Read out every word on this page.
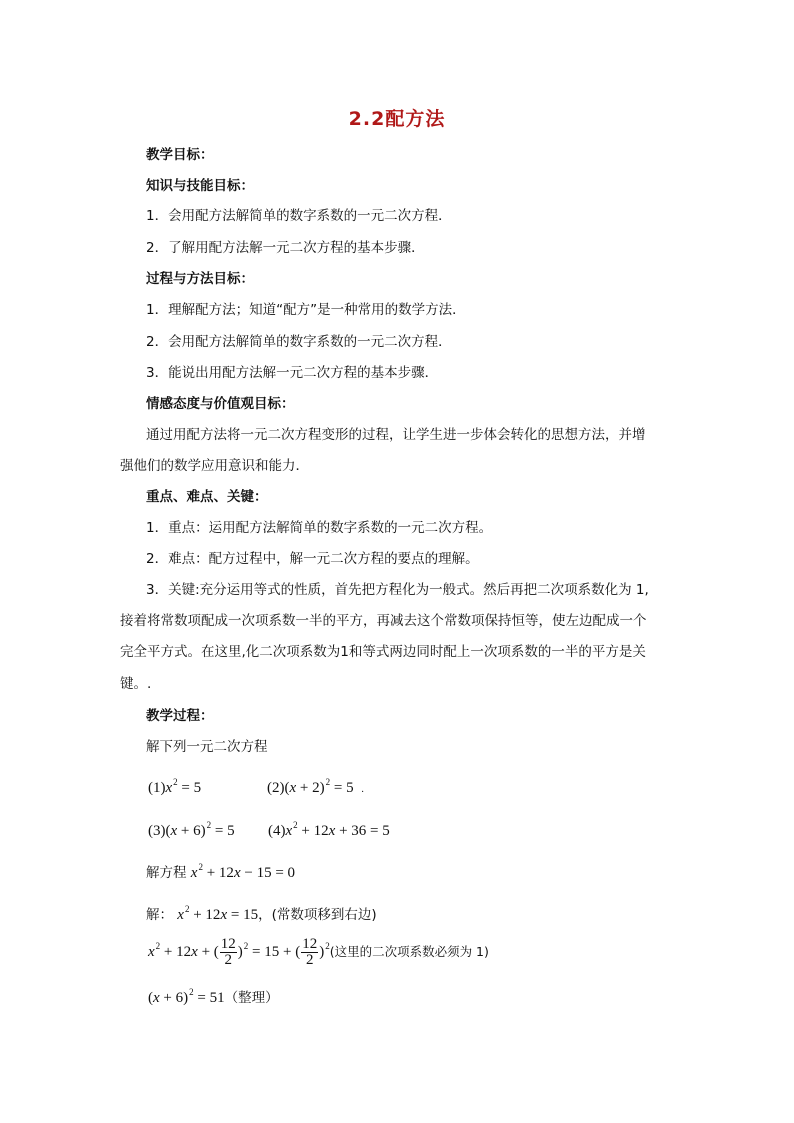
2.2配方法
教学目标：
知识与技能目标：
1．会用配方法解简单的数字系数的一元二次方程．
2．了解用配方法解一元二次方程的基本步骤．
过程与方法目标：
1．理解配方法；知道“配方”是一种常用的数学方法．
2．会用配方法解简单的数字系数的一元二次方程．
3．能说出用配方法解一元二次方程的基本步骤．
情感态度与价值观目标：
通过用配方法将一元二次方程变形的过程，让学生进一步体会转化的思想方法，并增
强他们的数学应用意识和能力．
重点、难点、关键：
1．重点：运用配方法解简单的数字系数的一元二次方程。
2．难点：配方过程中，解一元二次方程的要点的理解。
3．关键:充分运用等式的性质，首先把方程化为一般式。然后再把二次项系数化为 1,
接着将常数项配成一次项系数一半的平方，再减去这个常数项保持恒等，使左边配成一个
完全平方式。在这里,化二次项系数为1和等式两边同时配上一次项系数的一半的平方是关
键。.
教学过程：
解下列一元二次方程
$(1)x^2 = 5$	$(2)(x + 2)^2 = 5$ .
$(3)(x + 6)^2 = 5$ $(4)x^2 + 12x + 36 = 5$
解方程 $x^2 + 12x - 15 = 0$
解： $x^2 + 12x = 15$，(常数项移到右边)
$x^2 + 12x$ + ( $\frac{12}{2} )^2 = 15$ + ( $\frac{12}{2} )^2$(这里的二次项系数必须为 1)
$(x + 6)^2 = 51$（整理）
